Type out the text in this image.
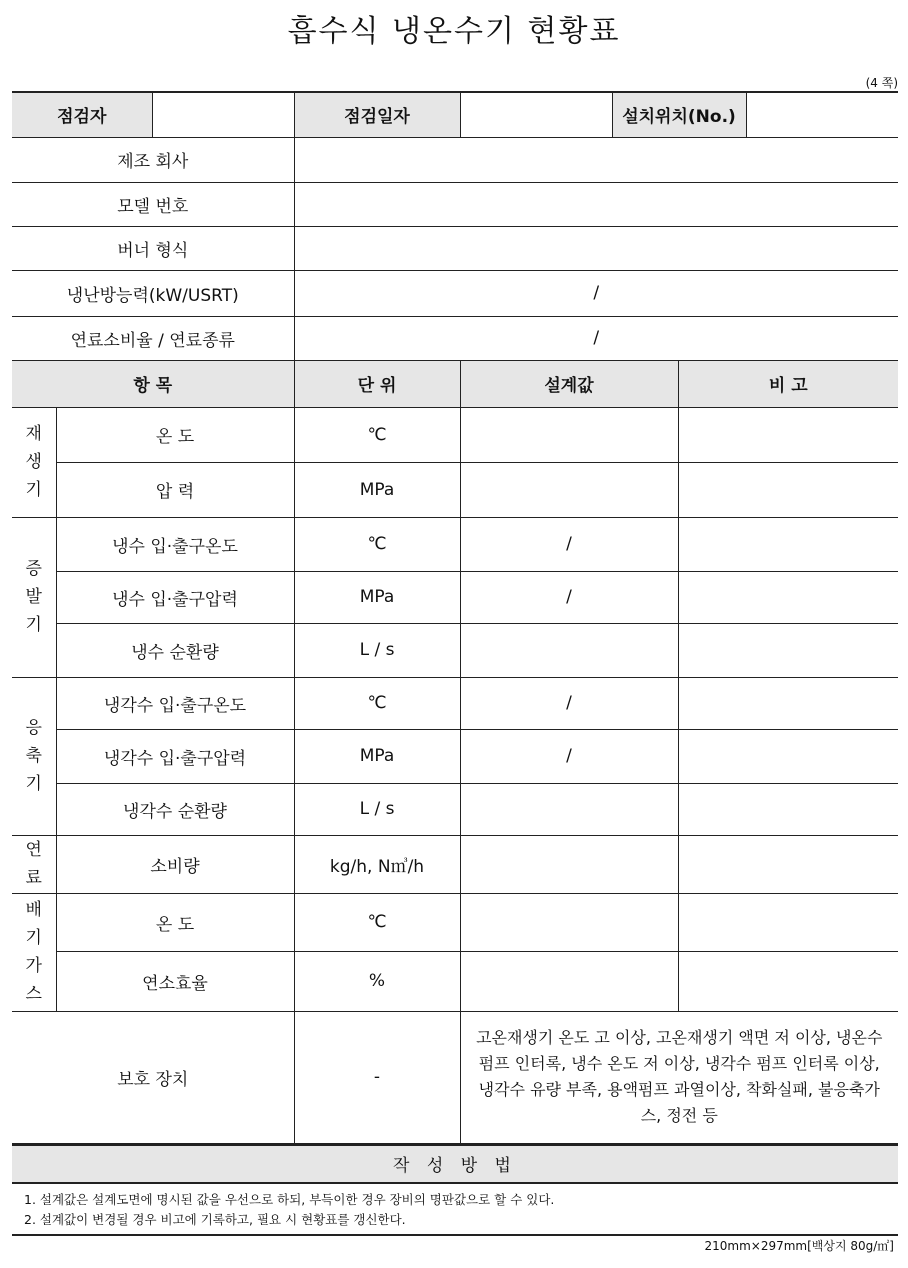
흡수식 냉온수기 현황표
(4 쪽)
점검자			점검일자		설치위치(No.)		
제조 회사							
모델 번호							
버너 형식							
냉난방능력(kW/USRT)			/				
연료소비율 / 연료종류			/				
항 목			단 위	설계값		비 고	
재생기	온 도		℃				
	압 력		MPa				
증발기	냉수 입·출구온도		℃	/			
	냉수 입·출구압력		MPa	/			
	냉수 순환량		L / s				
응축기	냉각수 입·출구온도		℃	/			
	냉각수 입·출구압력		MPa	/			
	냉각수 순환량		L / s				
연료	소비량		kg/h, N㎥/h				
배기가스	온 도		℃				
	연소효율		%				
보호 장치			-	고온재생기 온도 고 이상, 고온재생기 액면 저 이상, 냉온수 펌프 인터록, 냉수 온도 저 이상, 냉각수 펌프 인터록 이상, 냉각수 유량 부족, 용액펌프 과열이상, 착화실패, 불응축가스, 정전 등			
작 성 방 법
1. 설계값은 설계도면에 명시된 값을 우선으로 하되, 부득이한 경우 장비의 명판값으로 할 수 있다.
2. 설계값이 변경될 경우 비고에 기록하고, 필요 시 현황표를 갱신한다.
210mm×297mm[백상지 80g/㎡]
